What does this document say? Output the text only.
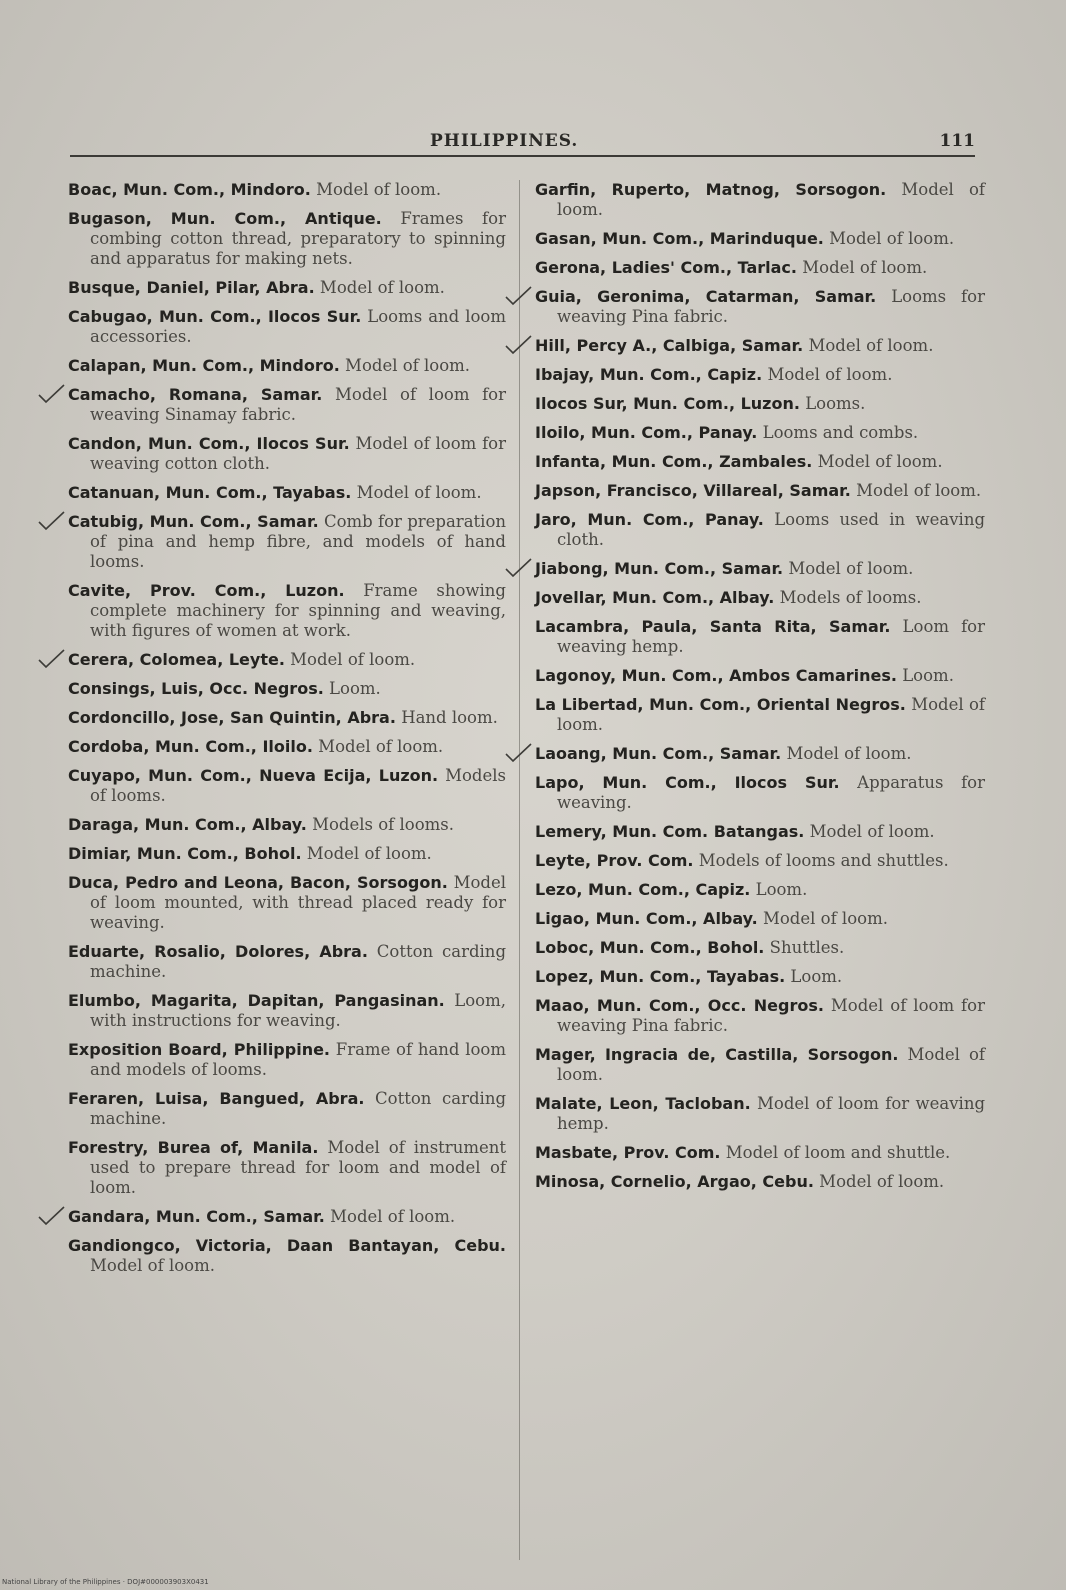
PHILIPPINES.	111
Boac, Mun. Com., Mindoro. Model of loom.
Bugason, Mun. Com., Antique. Frames for combing cotton thread, preparatory to spinning and apparatus for making nets.
Busque, Daniel, Pilar, Abra. Model of loom.
Cabugao, Mun. Com., Ilocos Sur. Looms and loom accessories.
Calapan, Mun. Com., Mindoro. Model of loom.
Camacho, Romana, Samar. Model of loom for weaving Sinamay fabric.
Candon, Mun. Com., Ilocos Sur. Model of loom for weaving cotton cloth.
Catanuan, Mun. Com., Tayabas. Model of loom.
Catubig, Mun. Com., Samar. Comb for preparation of pina and hemp fibre, and models of hand looms.
Cavite, Prov. Com., Luzon. Frame showing complete machinery for spinning and weaving, with figures of women at work.
Cerera, Colomea, Leyte. Model of loom.
Consings, Luis, Occ. Negros. Loom.
Cordoncillo, Jose, San Quintin, Abra. Hand loom.
Cordoba, Mun. Com., Iloilo. Model of loom.
Cuyapo, Mun. Com., Nueva Ecija, Luzon. Models of looms.
Daraga, Mun. Com., Albay. Models of looms.
Dimiar, Mun. Com., Bohol. Model of loom.
Duca, Pedro and Leona, Bacon, Sorsogon. Model of loom mounted, with thread placed ready for weaving.
Eduarte, Rosalio, Dolores, Abra. Cotton carding machine.
Elumbo, Magarita, Dapitan, Pangasinan. Loom, with instructions for weaving.
Exposition Board, Philippine. Frame of hand loom and models of looms.
Feraren, Luisa, Bangued, Abra. Cotton carding machine.
Forestry, Burea of, Manila. Model of instrument used to prepare thread for loom and model of loom.
Gandara, Mun. Com., Samar. Model of loom.
Gandiongco, Victoria, Daan Bantayan, Cebu. Model of loom.
Garfin, Ruperto, Matnog, Sorsogon. Model of loom.
Gasan, Mun. Com., Marinduque. Model of loom.
Gerona, Ladies' Com., Tarlac. Model of loom.
Guia, Geronima, Catarman, Samar. Looms for weaving Pina fabric.
Hill, Percy A., Calbiga, Samar. Model of loom.
Ibajay, Mun. Com., Capiz. Model of loom.
Ilocos Sur, Mun. Com., Luzon. Looms.
Iloilo, Mun. Com., Panay. Looms and combs.
Infanta, Mun. Com., Zambales. Model of loom.
Japson, Francisco, Villareal, Samar. Model of loom.
Jaro, Mun. Com., Panay. Looms used in weaving cloth.
Jiabong, Mun. Com., Samar. Model of loom.
Jovellar, Mun. Com., Albay. Models of looms.
Lacambra, Paula, Santa Rita, Samar. Loom for weaving hemp.
Lagonoy, Mun. Com., Ambos Camarines. Loom.
La Libertad, Mun. Com., Oriental Negros. Model of loom.
Laoang, Mun. Com., Samar. Model of loom.
Lapo, Mun. Com., Ilocos Sur. Apparatus for weaving.
Lemery, Mun. Com. Batangas. Model of loom.
Leyte, Prov. Com. Models of looms and shuttles.
Lezo, Mun. Com., Capiz. Loom.
Ligao, Mun. Com., Albay. Model of loom.
Loboc, Mun. Com., Bohol. Shuttles.
Lopez, Mun. Com., Tayabas. Loom.
Maao, Mun. Com., Occ. Negros. Model of loom for weaving Pina fabric.
Mager, Ingracia de, Castilla, Sorsogon. Model of loom.
Malate, Leon, Tacloban. Model of loom for weaving hemp.
Masbate, Prov. Com. Model of loom and shuttle.
Minosa, Cornelio, Argao, Cebu. Model of loom.
National Library of the Philippines · DOJ#000003903X0431
